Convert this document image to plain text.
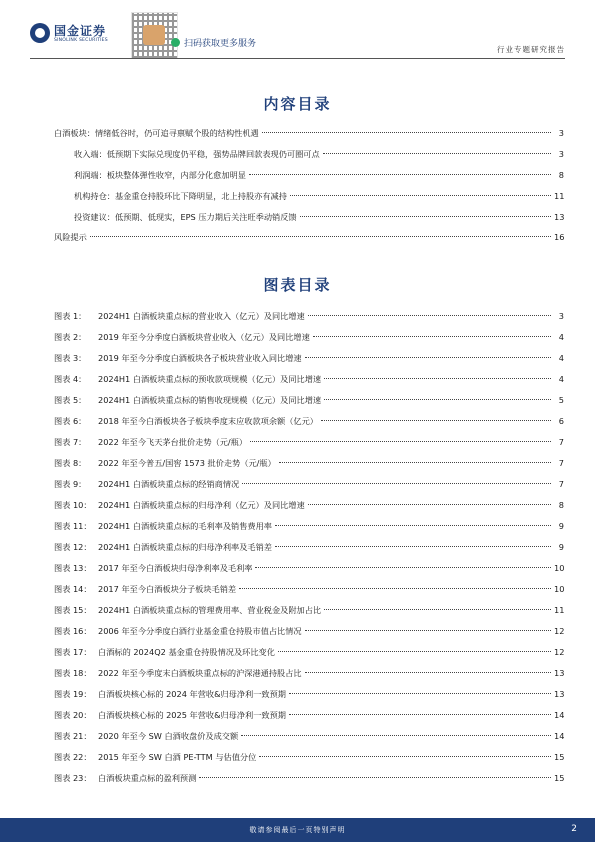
国金证券
SINOLINK SECURITIES	扫码获取更多服务
行业专题研究报告
内容目录
白酒板块：情绪低谷时，仍可追寻禀赋个股的结构性机遇	3
收入端：低预期下实际兑现度仍平稳，强势品牌回款表现仍可圈可点	3
利润端：板块整体弹性收窄，内部分化愈加明显	8
机构持仓：基金重仓持股环比下降明显，北上持股亦有减持	11
投资建议：低预期、低现实，EPS 压力期后关注旺季动销反馈	13
风险提示	16
图表目录
图表 1：	2024H1 白酒板块重点标的营业收入（亿元）及同比增速	3
图表 2：	2019 年至今分季度白酒板块营业收入（亿元）及同比增速	4
图表 3：	2019 年至今分季度白酒板块各子板块营业收入同比增速	4
图表 4：	2024H1 白酒板块重点标的预收款项规模（亿元）及同比增速	4
图表 5：	2024H1 白酒板块重点标的销售收现规模（亿元）及同比增速	5
图表 6：	2018 年至今白酒板块各子板块季度末应收款项余额（亿元）	6
图表 7：	2022 年至今飞天茅台批价走势（元/瓶）	7
图表 8：	2022 年至今普五/国窖 1573 批价走势（元/瓶）	7
图表 9：	2024H1 白酒板块重点标的经销商情况	7
图表 10： 2024H1 白酒板块重点标的归母净利（亿元）及同比增速	8
图表 11： 2024H1 白酒板块重点标的毛利率及销售费用率	9
图表 12： 2024H1 白酒板块重点标的归母净利率及毛销差	9
图表 13： 2017 年至今白酒板块归母净利率及毛利率	10
图表 14： 2017 年至今白酒板块分子板块毛销差	10
图表 15： 2024H1 白酒板块重点标的管理费用率、营业税金及附加占比	11
图表 16： 2006 年至今分季度白酒行业基金重仓持股市值占比情况	12
图表 17： 白酒标的 2024Q2 基金重仓持股情况及环比变化	12
图表 18： 2022 年至今季度末白酒板块重点标的沪深港通持股占比	13
图表 19： 白酒板块核心标的 2024 年营收&归母净利一致预期	13
图表 20： 白酒板块核心标的 2025 年营收&归母净利一致预期	14
图表 21： 2020 年至今 SW 白酒收盘价及成交额	14
图表 22： 2015 年至今 SW 白酒 PE-TTM 与估值分位	15
图表 23： 白酒板块重点标的盈利预测	15
敬请参阅最后一页特别声明	2
